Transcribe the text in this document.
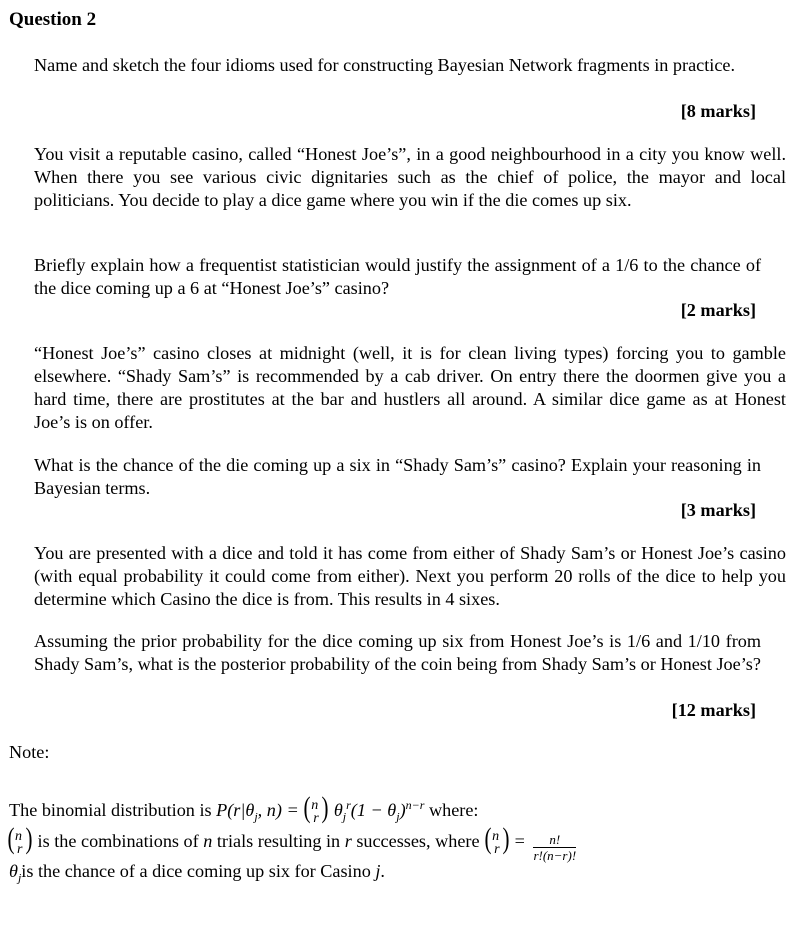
Question 2
Name and sketch the four idioms used for constructing Bayesian Network fragments in practice.
[8 marks]
You visit a reputable casino, called “Honest Joe’s”, in a good neighbourhood in a city you know well. When there you see various civic dignitaries such as the chief of police, the mayor and local politicians. You decide to play a dice game where you win if the die comes up six.
Briefly explain how a frequentist statistician would justify the assignment of a 1/6 to the chance of the dice coming up a 6 at “Honest Joe’s” casino?
[2 marks]
“Honest Joe’s” casino closes at midnight (well, it is for clean living types) forcing you to gamble elsewhere. “Shady Sam’s” is recommended by a cab driver. On entry there the doormen give you a hard time, there are prostitutes at the bar and hustlers all around. A similar dice game as at Honest Joe’s is on offer.
What is the chance of the die coming up a six in “Shady Sam’s” casino? Explain your reasoning in Bayesian terms.
[3 marks]
You are presented with a dice and told it has come from either of Shady Sam’s or Honest Joe’s casino (with equal probability it could come from either). Next you perform 20 rolls of the dice to help you determine which Casino the dice is from. This results in 4 sixes.
Assuming the prior probability for the dice coming up six from Honest Joe’s is 1/6 and 1/10 from Shady Sam’s, what is the posterior probability of the coin being from Shady Sam’s or Honest Joe’s?
[12 marks]
Note:
The binomial distribution is $P(r|\theta_j$, n) = ( n
r ) $\theta_j^r(1 - \theta_j)^{n-r}$ where:
( n
r ) is the combinations of n trials resulting in r successes, where ( n
r ) = $\frac{n!}{r!(n-r)!}$
$\theta_jis$ the chance of a dice coming up six for Casino j.
